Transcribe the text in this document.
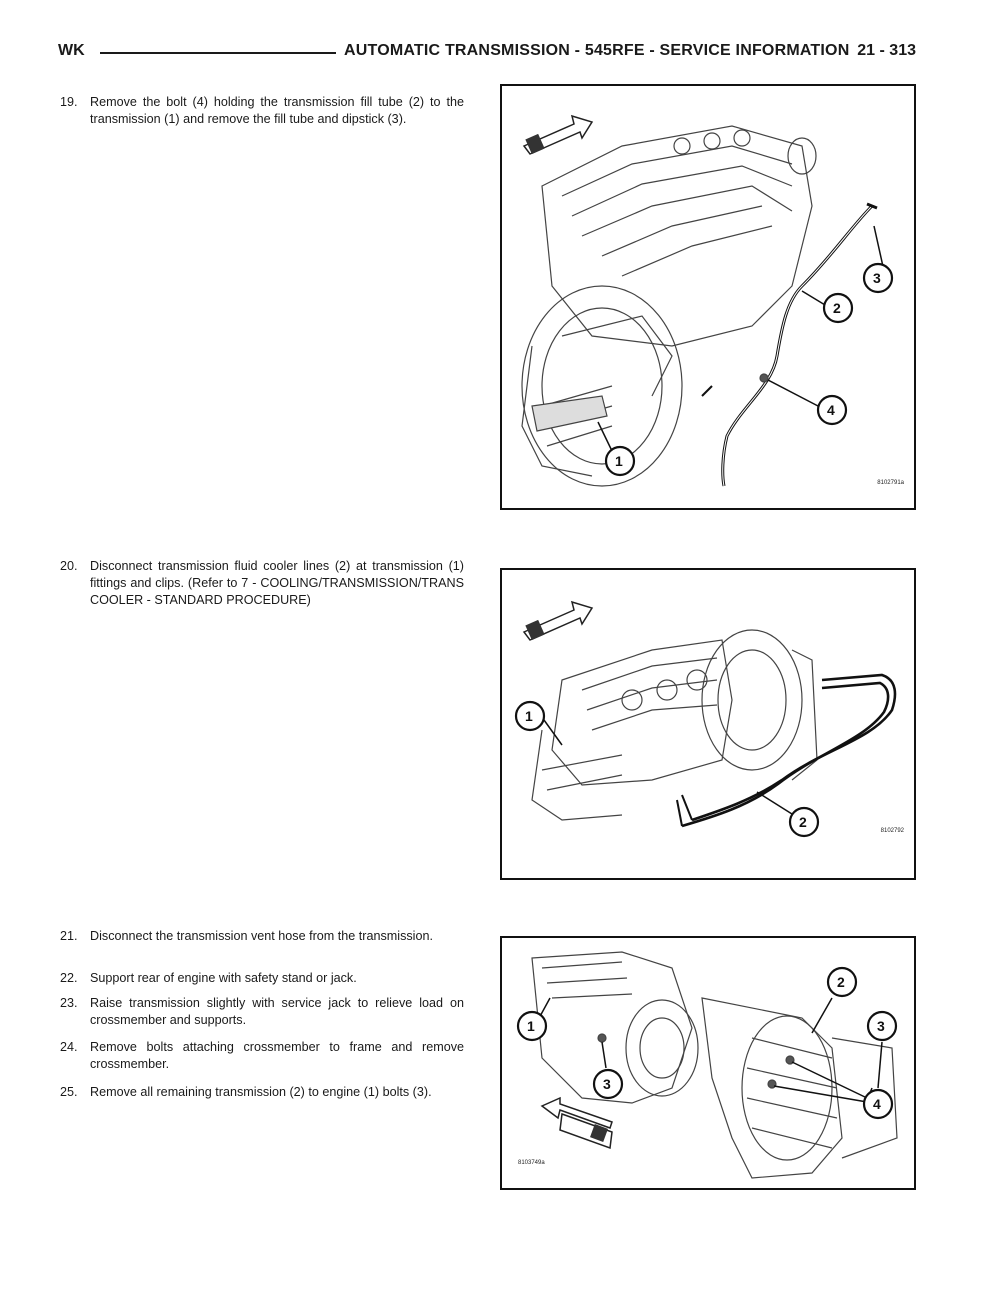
WK	AUTOMATIC TRANSMISSION - 545RFE - SERVICE INFORMATION 21 - 313
19. Remove the bolt (4) holding the transmission fill tube (2) to the transmission (1) and remove the fill tube and dipstick (3).
1
2
3
4
8102791a
20. Disconnect transmission fluid cooler lines (2) at transmission (1) fittings and clips. (Refer to 7 - COOLING/TRANSMISSION/TRANS COOLER - STANDARD PROCEDURE)
1
2
8102792
21. Disconnect the transmission vent hose from the transmission.
22. Support rear of engine with safety stand or jack.
23. Raise transmission slightly with service jack to relieve load on crossmember and supports.
24. Remove bolts attaching crossmember to frame and remove crossmember.
25. Remove all remaining transmission (2) to engine (1) bolts (3).
1
2
3
3
4
8103749a
